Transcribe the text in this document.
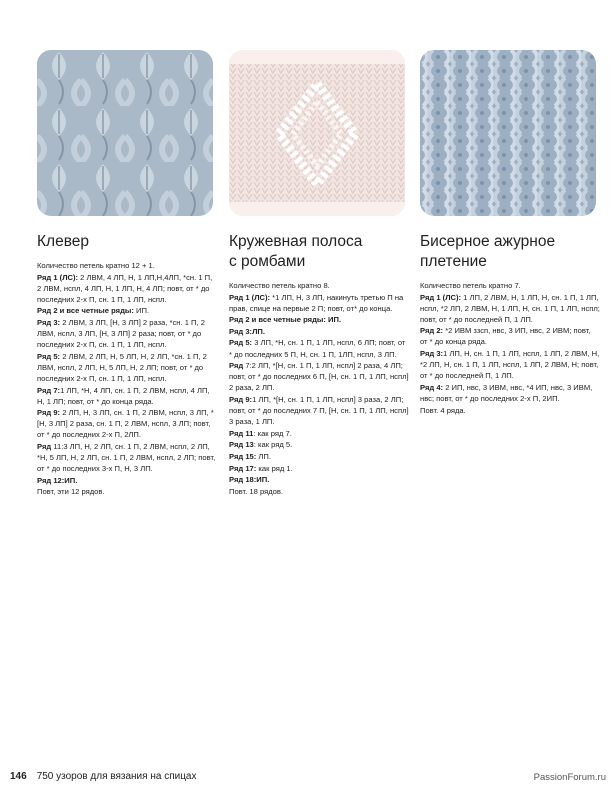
Клевер

Количество петель кратно 12 + 1.

Ряд 1 (ЛС): 2 ЛВМ, 4 ЛП, Н, 1 ЛП,Н,4ЛП, *сн. 1 П, 2 ЛВМ, нспл, 4 ЛП, Н, 1 ЛП, Н, 4 ЛП; повт, от * до последних 2-х П, сн. 1 П, 1 ЛП, нспл.

Ряд 2 и все четные ряды: ИП.

Ряд 3: 2 ЛВМ, 3 ЛП, [Н, 3 ЛП] 2 раза, *сн. 1 П, 2 ЛВМ, нспл, 3 ЛП, [Н, 3 ЛП] 2 раза; повт, от * до последних 2-х П, сн. 1 П, 1 ЛП, нспл.

Ряд 5: 2 ЛВМ, 2 ЛП, Н, 5 ЛП, Н, 2 ЛП, *сн. 1 П, 2 ЛВМ, нспл, 2 ЛП, Н, 5 ЛП, Н, 2 ЛП; повт, от * до последних 2-х П, сн. 1 П, 1 ЛП, нспл.

Ряд 7:1 ЛП, *Н, 4 ЛП, сн. 1 П, 2 ЛВМ, нспл, 4 ЛП, Н, 1 ЛП; повт, от * до конца ряда.

Ряд 9: 2 ЛП, Н, 3 ЛП, сн. 1 П, 2 ЛВМ, нспл, 3 ЛП, *[Н, 3 ЛП] 2 раза, сн. 1 П, 2 ЛВМ, нспл, 3 ЛП; повт, от * до последних 2-х П, 2ЛП.

Ряд 11:3 ЛП, Н, 2 ЛП, сн. 1 П, 2 ЛВМ, нспл, 2 ЛП, *Н, 5 ЛП, Н, 2 ЛП, сн. 1 П, 2 ЛВМ, нспл, 2 ЛП; повт, от * до последних 3-х П, Н, 3 ЛП.

Ряд 12:ИП.

Повт, эти 12 рядов.

Кружевная полоса
с ромбами

Количество петель кратно 8.

Ряд 1 (ЛС): *1 ЛП, Н, 3 ЛП, накинуть третью П на прав, спице на первые 2 П; повт, от* до конца.

Ряд 2 и все четные ряды: ИП.

Ряд 3:ЛП.

Ряд 5: 3 ЛП, *Н, сн. 1 П, 1 ЛП, нспл, 6 ЛП; повт, от * до последних 5 П, Н, сн. 1 П, 1ЛП, нспл, 3 ЛП.

Ряд 7:2 ЛП, *[Н, сн. 1 П, 1 ЛП, нспл] 2 раза, 4 ЛП; повт, от * до последних 6 П, [Н, сн. 1 П, 1 ЛП, нспл] 2 раза, 2 ЛП.

Ряд 9:1 ЛП, *[Н, сн. 1 П, 1 ЛП, нспл] 3 раза, 2 ЛП; повт, от * до последних 7 П, [Н, сн. 1 П, 1 ЛП, нспл] 3 раза, 1 ЛП.

Ряд 11: как ряд 7.

Ряд 13: как ряд 5.

Ряд 15: ЛП.

Ряд 17: как ряд 1.

Ряд 18:ИП.

Повт. 18 рядов.

Бисерное ажурное
плетение

Количество петель кратно 7.

Ряд 1 (ЛС): 1 ЛП, 2 ЛВМ, Н, 1 ЛП, Н, сн. 1 П, 1 ЛП, нспл, *2 ЛП, 2 ЛВМ, Н, 1 ЛП, Н, сн. 1 П, 1 ЛП, нспл; повт, от * до последней П, 1 ЛП.

Ряд 2: *2 ИВМ ззсп, нвс, 3 ИП, нвс, 2 ИВМ; повт, от * до конца ряда.

Ряд 3:1 ЛП, Н, сн. 1 П, 1 ЛП, нспл, 1 ЛП, 2 ЛВМ, Н, *2 ЛП, Н, сн. 1 П, 1 ЛП, нспл, 1 ЛП, 2 ЛВМ, Н; повт, от * до последней П, 1 ЛП.

Ряд 4: 2 ИП, нвс, 3 ИВМ, нвс, *4 ИП, нвс, 3 ИВМ, нвс; повт, от * до последних 2-х П, 2ИП.

Повт. 4 ряда.

146 750 узоров для вязания на спицах	PassionForum.ru
